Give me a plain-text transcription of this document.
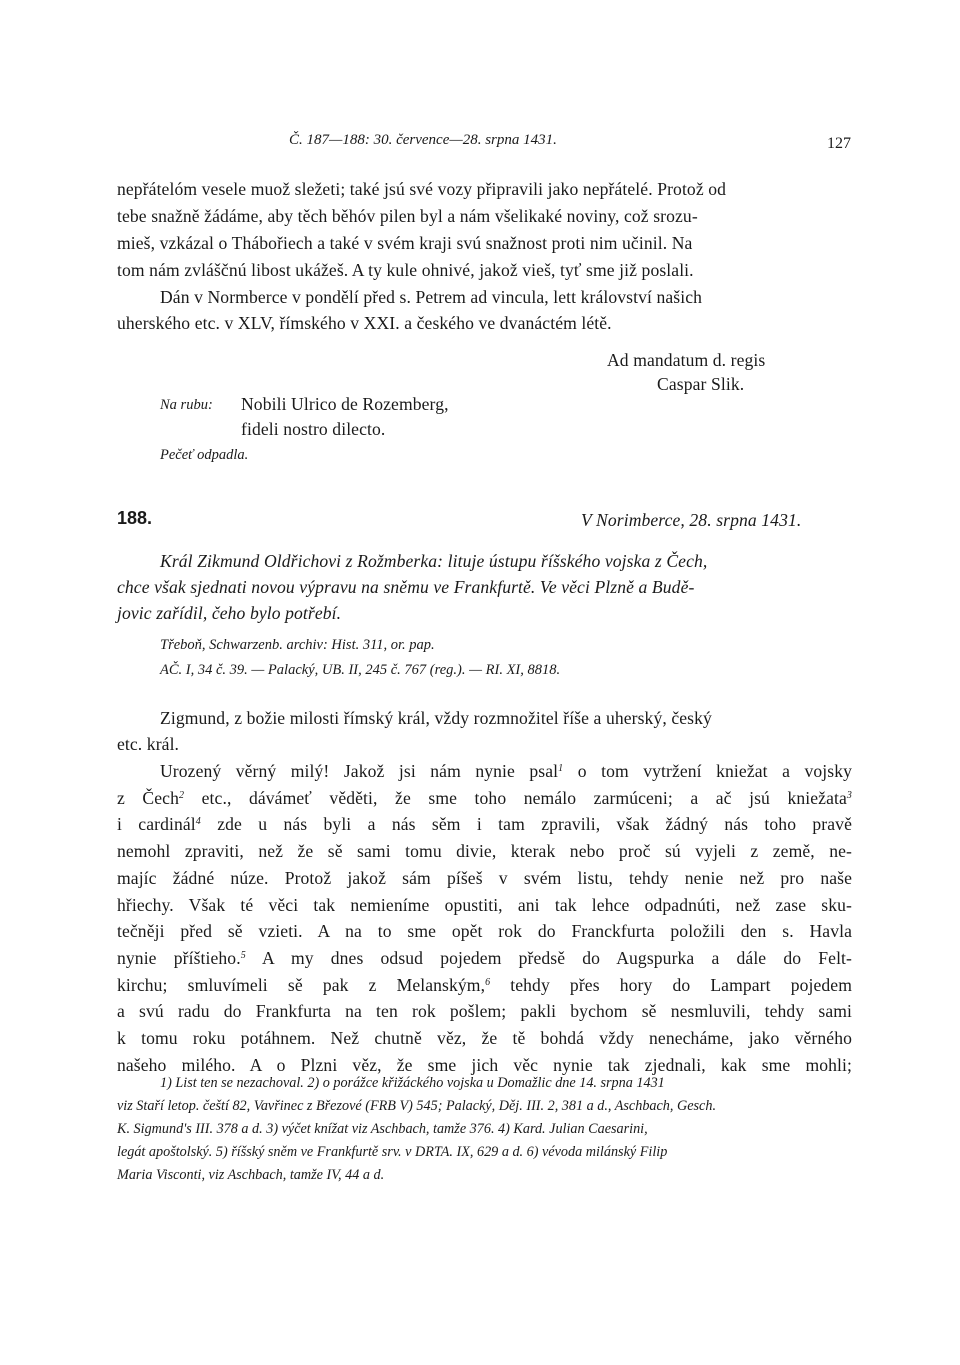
Č. 187—188: 30. července—28. srpna 1431.	127
nepřátelóm vesele muož sležeti; také jsú své vozy připravili jako nepřátelé. Protož od
tebe snažně žádáme, aby těch běhóv pilen byl a nám všelikaké noviny, což srozu-
mieš, vzkázal o Thábořiech a také v svém kraji svú snažnost proti nim učinil. Na
tom nám zvláščnú libost ukážeš. A ty kule ohnivé, jakož vieš, tyť sme již poslali.
Dán v Normberce v pondělí před s. Petrem ad vincula, lett království našich
uherského etc. v XLV, římského v XXI. a českého ve dvanáctém létě.
Ad mandatum d. regis
Caspar Slik.
Na rubu: Nobili Ulrico de Rozemberg,
fideli nostro dilecto.
Pečeť odpadla.
188.	V Norimberce, 28. srpna 1431.
Král Zikmund Oldřichovi z Rožmberka: lituje ústupu říšského vojska z Čech,
chce však sjednati novou výpravu na sněmu ve Frankfurtě. Ve věci Plzně a Budě-
jovic zařídil, čeho bylo potřebí.
Třeboň, Schwarzenb. archiv: Hist. 311, or. pap.
AČ. I, 34 č. 39. — Palacký, UB. II, 245 č. 767 (reg.). — RI. XI, 8818.
Zigmund, z božie milosti římský král, vždy rozmnožitel říše a uherský, český
etc. král.
Urozený věrný milý! Jakož jsi nám nynie psal$^1$ o tom vytržení kniežat a vojsky
z Čech$^2$ etc., dávámeť věděti, že sme toho nemálo zarmúceni; a ač jsú kniežata$^3$
i cardinál$^4$ zde u nás byli a nás sěm i tam zpravili, však žádný nás toho pravě
nemohl zpraviti, než že sě sami tomu divie, kterak nebo proč sú vyjeli z země, ne-
majíc žádné núze. Protož jakož sám píšeš v svém listu, tehdy nenie než pro naše
hřiechy. Však té věci tak nemieníme opustiti, ani tak lehce odpadnúti, než zase sku-
tečněji před sě vzieti. A na to sme opět rok do Franckfurta položili den s. Havla
nynie příštieho.$^5$ A my dnes odsud pojedem předsě do Augspurka a dále do Felt-
kirchu; smluvímeli sě pak z Melanským,$^6$ tehdy přes hory do Lampart pojedem
a svú radu do Frankfurta na ten rok pošlem; pakli bychom sě nesmluvili, tehdy sami
k tomu roku potáhnem. Než chutně věz, že tě bohdá vždy nenecháme, jako věrného
našeho milého. A o Plzni věz, že sme jich věc nynie tak zjednali, kak sme mohli;
1) List ten se nezachoval. 2) o porážce křižáckého vojska u Domažlic dne 14. srpna 1431
viz Staří letop. čeští 82, Vavřinec z Březové (FRB V) 545; Palacký, Děj. III. 2, 381 a d., Aschbach, Gesch.
K. Sigmund's III. 378 a d. 3) výčet knížat viz Aschbach, tamže 376. 4) Kard. Julian Caesarini,
legát apoštolský. 5) říšský sněm ve Frankfurtě srv. v DRTA. IX, 629 a d. 6) vévoda milánský Filip
Maria Visconti, viz Aschbach, tamže IV, 44 a d.
